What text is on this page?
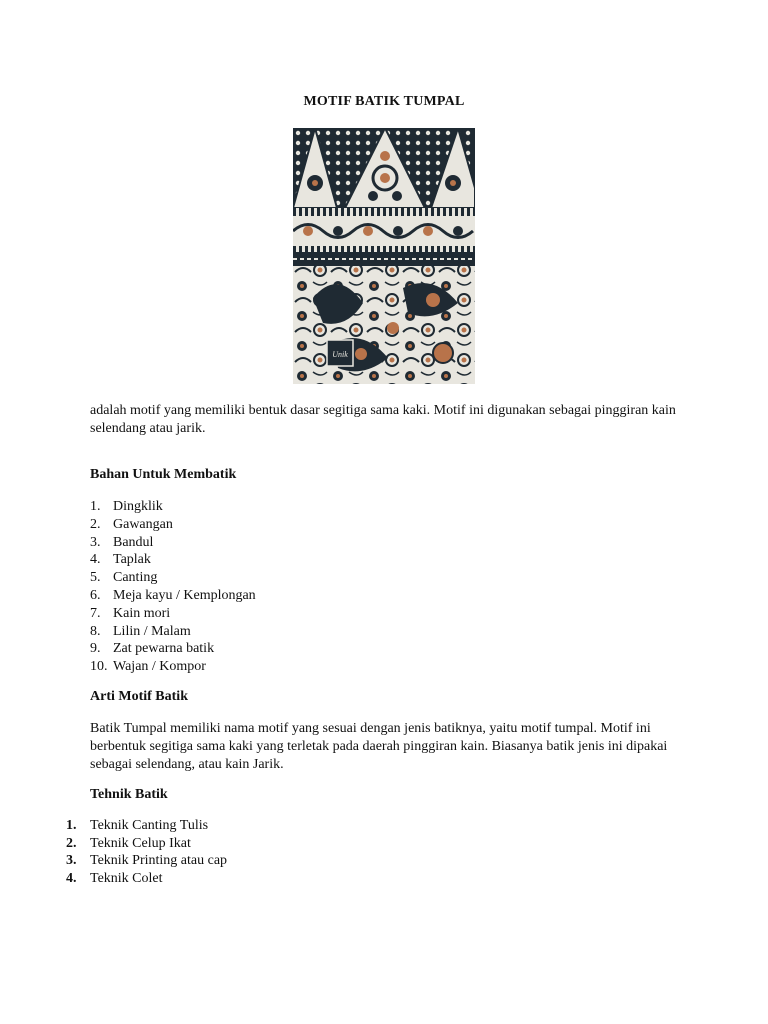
MOTIF BATIK TUMPAL
Unik
adalah motif yang memiliki bentuk dasar segitiga sama kaki. Motif ini digunakan sebagai pinggiran kain selendang atau jarik.
Bahan Untuk Membatik
1. Dingklik
2. Gawangan
3. Bandul
4. Taplak
5. Canting
6. Meja kayu / Kemplongan
7. Kain mori
8. Lilin / Malam
9. Zat pewarna batik
10. Wajan / Kompor
Arti Motif Batik
Batik Tumpal memiliki nama motif yang sesuai dengan jenis batiknya, yaitu motif tumpal. Motif ini berbentuk segitiga sama kaki yang terletak pada daerah pinggiran kain. Biasanya batik jenis ini dipakai sebagai selendang, atau kain Jarik.
Tehnik Batik
1. Teknik Canting Tulis
2. Teknik Celup Ikat
3. Teknik Printing atau cap
4. Teknik Colet
